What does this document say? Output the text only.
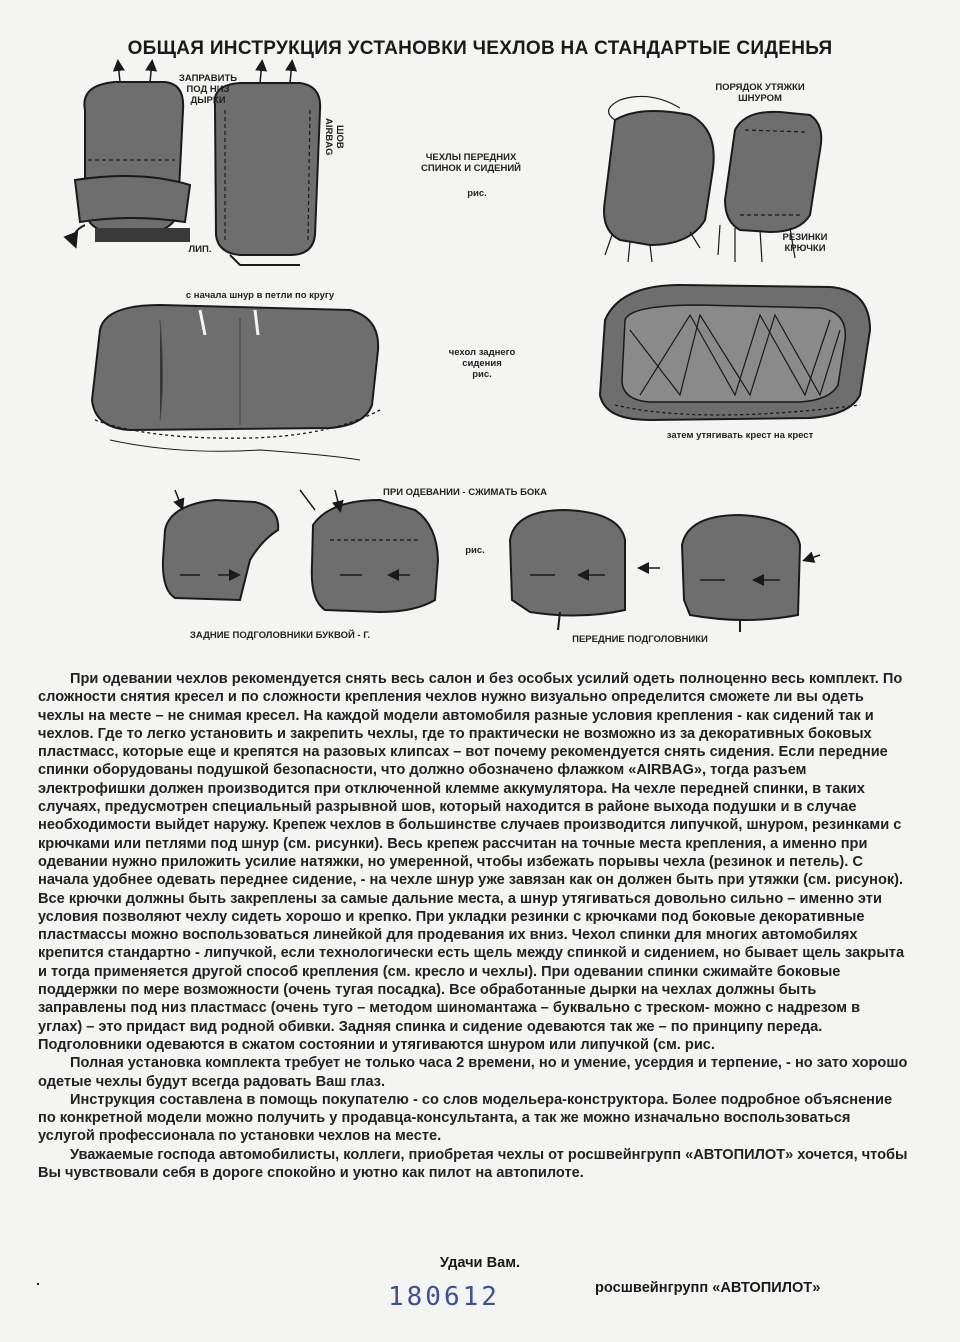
ОБЩАЯ ИНСТРУКЦИЯ УСТАНОВКИ ЧЕХЛОВ НА СТАНДАРТЫЕ СИДЕНЬЯ
ЗАПРАВИТЬ
ПОД НИЗ
ДЫРКИ
ШОВ
AIRBAG
ЛИП.
ЧЕХЛЫ ПЕРЕДНИХ
СПИНОК И СИДЕНИЙ
рис.
ПОРЯДОК УТЯЖКИ
ШНУРОМ
РЕЗИНКИ
КРЮЧКИ
с начала шнур в петли по кругу
чехол заднего
сидения
рис.
затем утягивать крест на крест
ПРИ ОДЕВАНИИ - СЖИМАТЬ БОКА
рис.
ЗАДНИЕ ПОДГОЛОВНИКИ БУКВОЙ - Г.	ПЕРЕДНИЕ ПОДГОЛОВНИКИ

При одевании чехлов рекомендуется снять весь салон и без особых усилий одеть полноценно весь комплект. По сложности снятия кресел и по сложности крепления чехлов нужно визуально определится сможете ли вы одеть чехлы на месте – не снимая кресел. На каждой модели автомобиля разные условия крепления - как сидений так и чехлов. Где то легко установить и закрепить чехлы, где то практически не возможно из за декоративных боковых пластмасс, которые еще и крепятся на разовых клипсах – вот почему рекомендуется снять сидения. Если передние спинки оборудованы подушкой безопасности, что должно обозначено флажком «AIRBAG», тогда разъем электрофишки должен производится при отключенной клемме аккумулятора. На чехле передней спинки, в таких случаях, предусмотрен специальный разрывной шов, который находится в районе выхода подушки и в случае необходимости выйдет наружу. Крепеж чехлов в большинстве случаев производится липучкой, шнуром, резинками с крючками или петлями под шнур (см. рисунки). Весь крепеж рассчитан на точные места крепления, а именно при одевании нужно приложить усилие натяжки, но умеренной, чтобы избежать порывы чехла (резинок и петель). С начала удобнее одевать переднее сидение, - на чехле шнур уже завязан как он должен быть при утяжки (см. рисунок). Все крючки должны быть закреплены за самые дальние места, а шнур утягиваться довольно сильно – именно эти условия позволяют чехлу сидеть хорошо и крепко. При укладки резинки с крючками под боковые декоративные пластмассы можно воспользоваться линейкой для продевания их вниз. Чехол спинки для многих автомобилях крепится стандартно - липучкой, если технологически есть щель между спинкой и сидением, но бывает щель закрыта и тогда применяется другой способ крепления (см. кресло и чехлы). При одевании спинки сжимайте боковые поддержки по мере возможности (очень тугая посадка). Все обработанные дырки на чехлах должны быть заправлены под низ пластмасс (очень туго – методом шиномантажа – буквально с треском- можно с надрезом в углах) – это придаст вид родной обивки. Задняя спинка и сидение одеваются так же – по принципу переда. Подголовники одеваются в сжатом состоянии и утягиваются шнуром или липучкой (см. рис.

Полная установка комплекта требует не только часа 2 времени, но и умение, усердия и терпение, - но зато хорошо одетые чехлы будут всегда радовать Ваш глаз.

Инструкция составлена в помощь покупателю - со слов модельера-конструктора. Более подробное объяснение по конкретной модели можно получить у продавца-консультанта, а так же можно изначально воспользоваться услугой профессионала по установки чехлов на месте.

Уважаемые господа автомобилисты, коллеги, приобретая чехлы от росшвейнгрупп «АВТОПИЛОТ» хочется, чтобы Вы чувствовали себя в дороге спокойно и уютно как пилот на автопилоте.

Удачи Вам.
.
180612	росшвейнгрупп «АВТОПИЛОТ»
